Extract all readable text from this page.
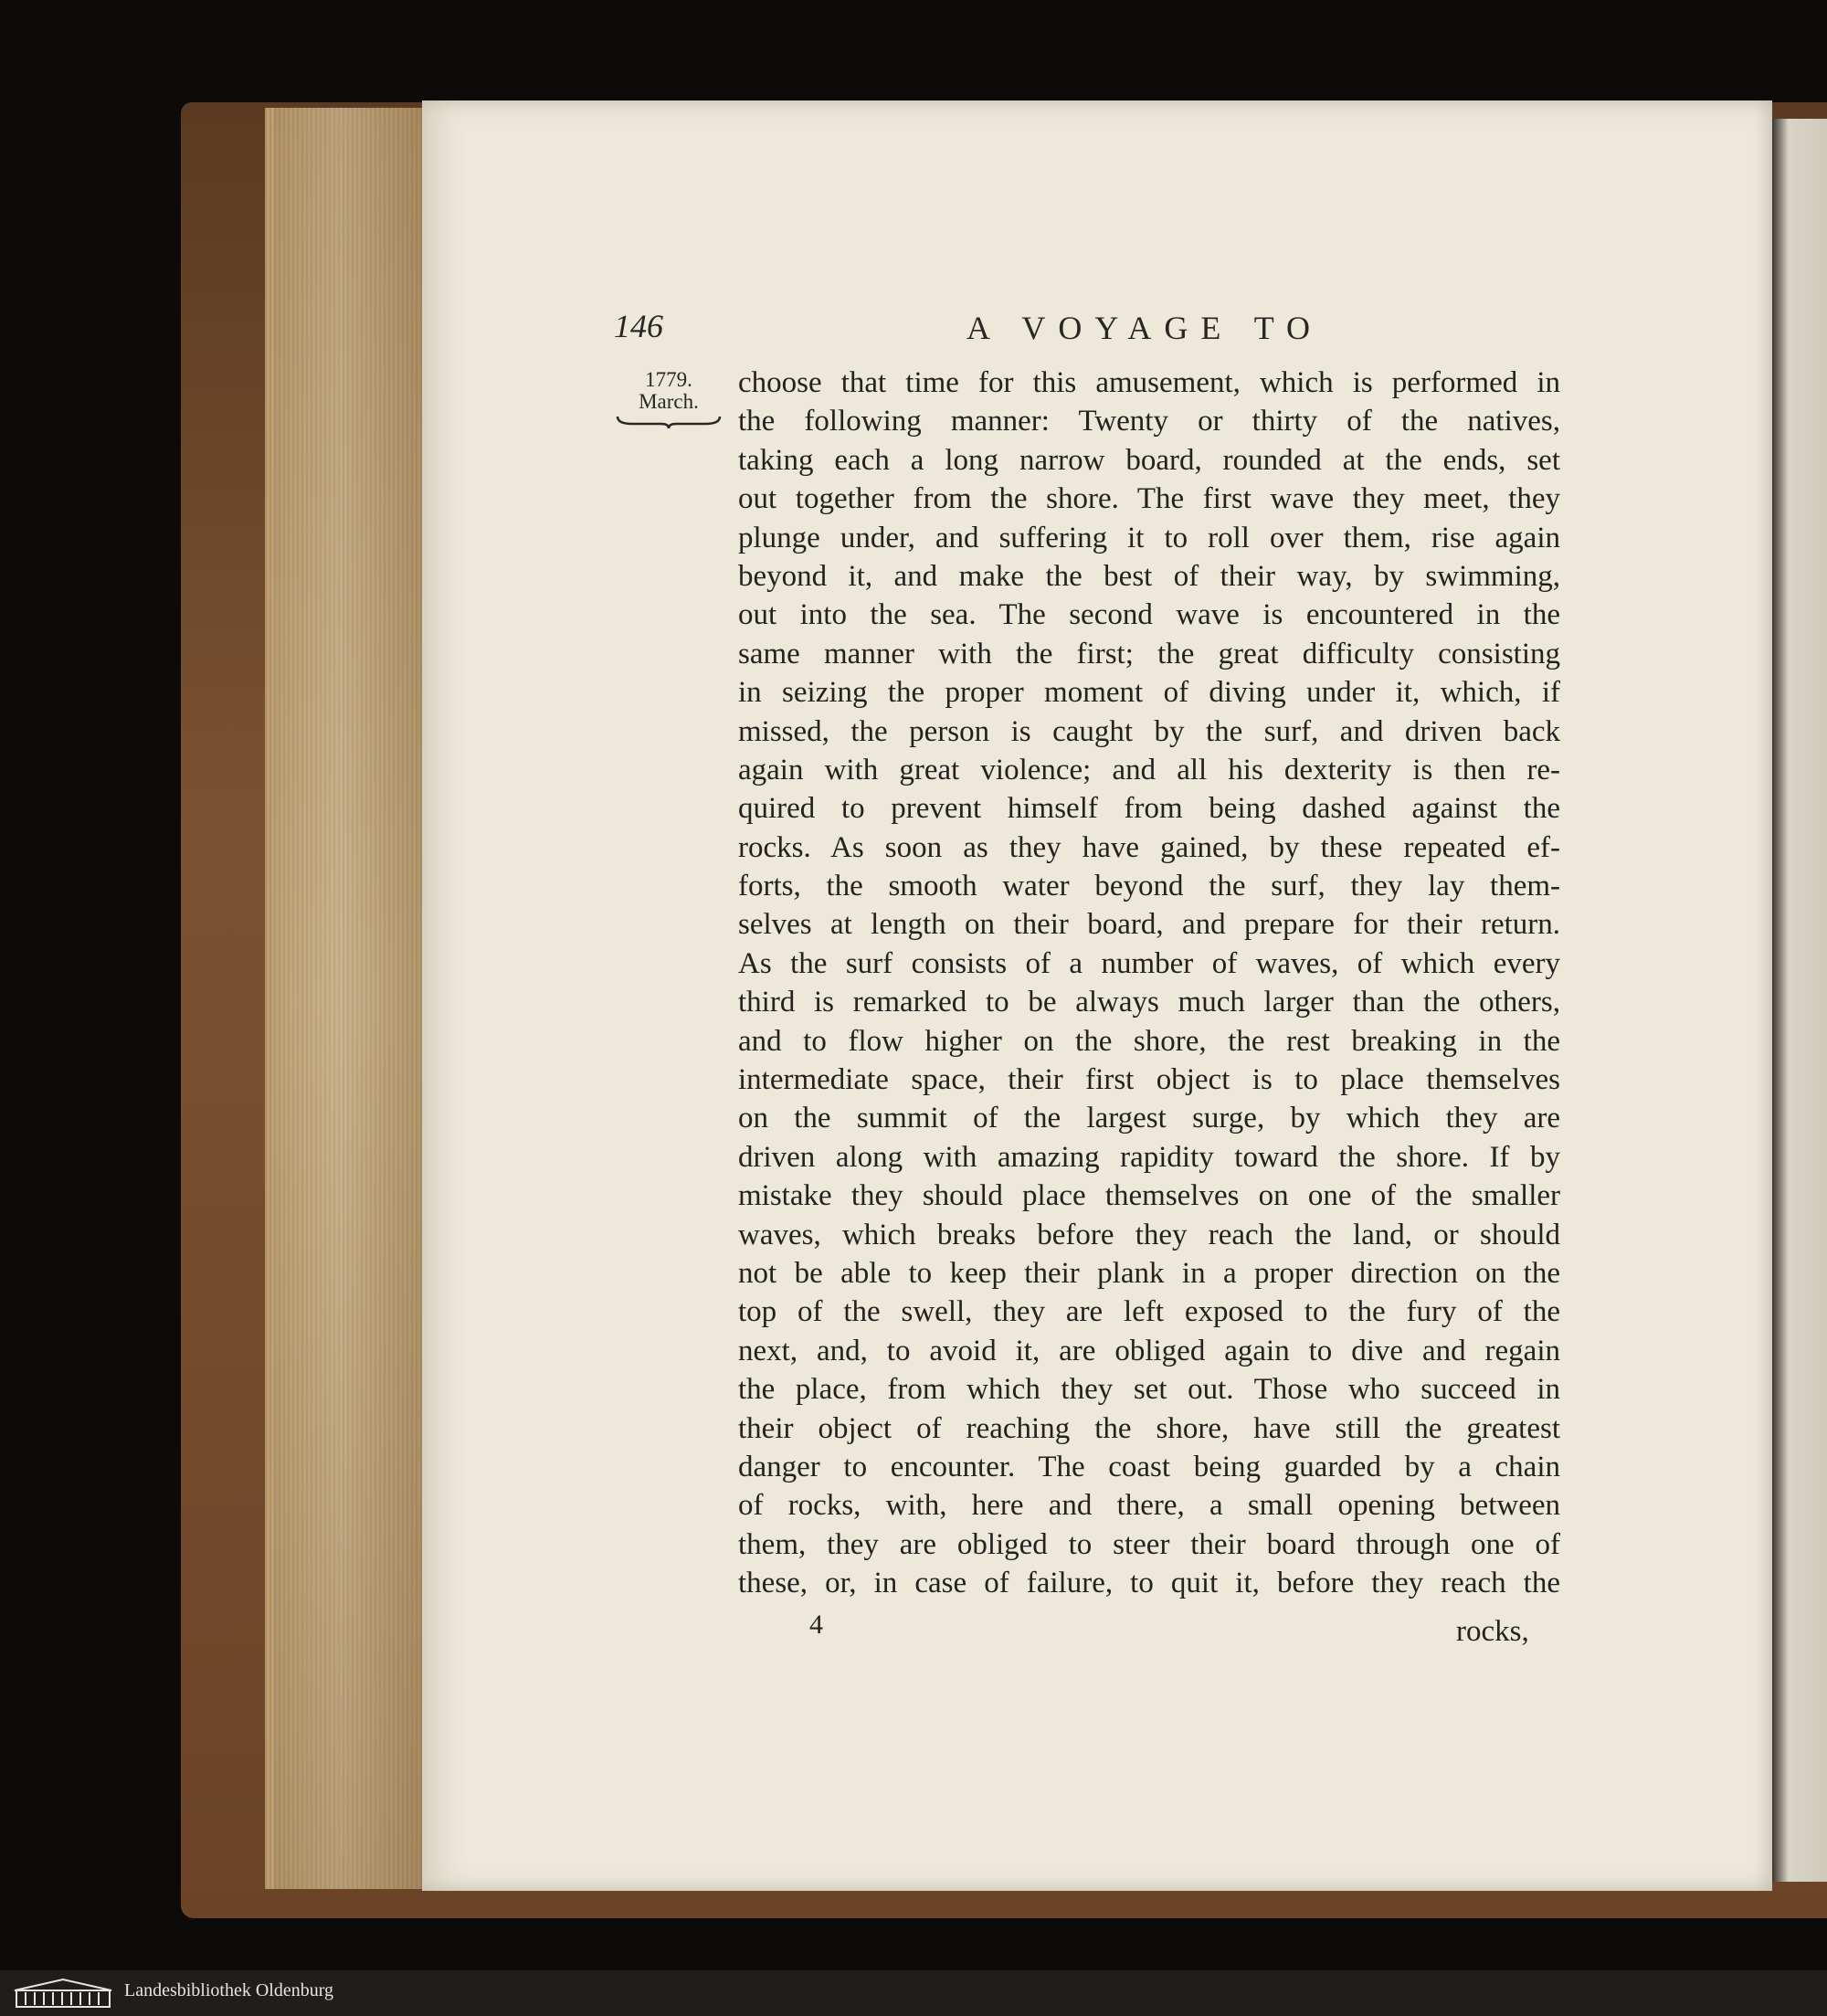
146	A VOYAGE TO
1779.
March.
choose that time for this amusement, which is performed in
the following manner: Twenty or thirty of the natives,
taking each a long narrow board, rounded at the ends, set
out together from the shore. The first wave they meet, they
plunge under, and suffering it to roll over them, rise again
beyond it, and make the best of their way, by swimming,
out into the sea. The second wave is encountered in the
same manner with the first; the great difficulty consisting
in seizing the proper moment of diving under it, which, if
missed, the person is caught by the surf, and driven back
again with great violence; and all his dexterity is then re-
quired to prevent himself from being dashed against the
rocks. As soon as they have gained, by these repeated ef-
forts, the smooth water beyond the surf, they lay them-
selves at length on their board, and prepare for their return.
As the surf consists of a number of waves, of which every
third is remarked to be always much larger than the others,
and to flow higher on the shore, the rest breaking in the
intermediate space, their first object is to place themselves
on the summit of the largest surge, by which they are
driven along with amazing rapidity toward the shore. If by
mistake they should place themselves on one of the smaller
waves, which breaks before they reach the land, or should
not be able to keep their plank in a proper direction on the
top of the swell, they are left exposed to the fury of the
next, and, to avoid it, are obliged again to dive and regain
the place, from which they set out. Those who succeed in
their object of reaching the shore, have still the greatest
danger to encounter. The coast being guarded by a chain
of rocks, with, here and there, a small opening between
them, they are obliged to steer their board through one of
these, or, in case of failure, to quit it, before they reach the
4	rocks,
Landesbibliothek Oldenburg
